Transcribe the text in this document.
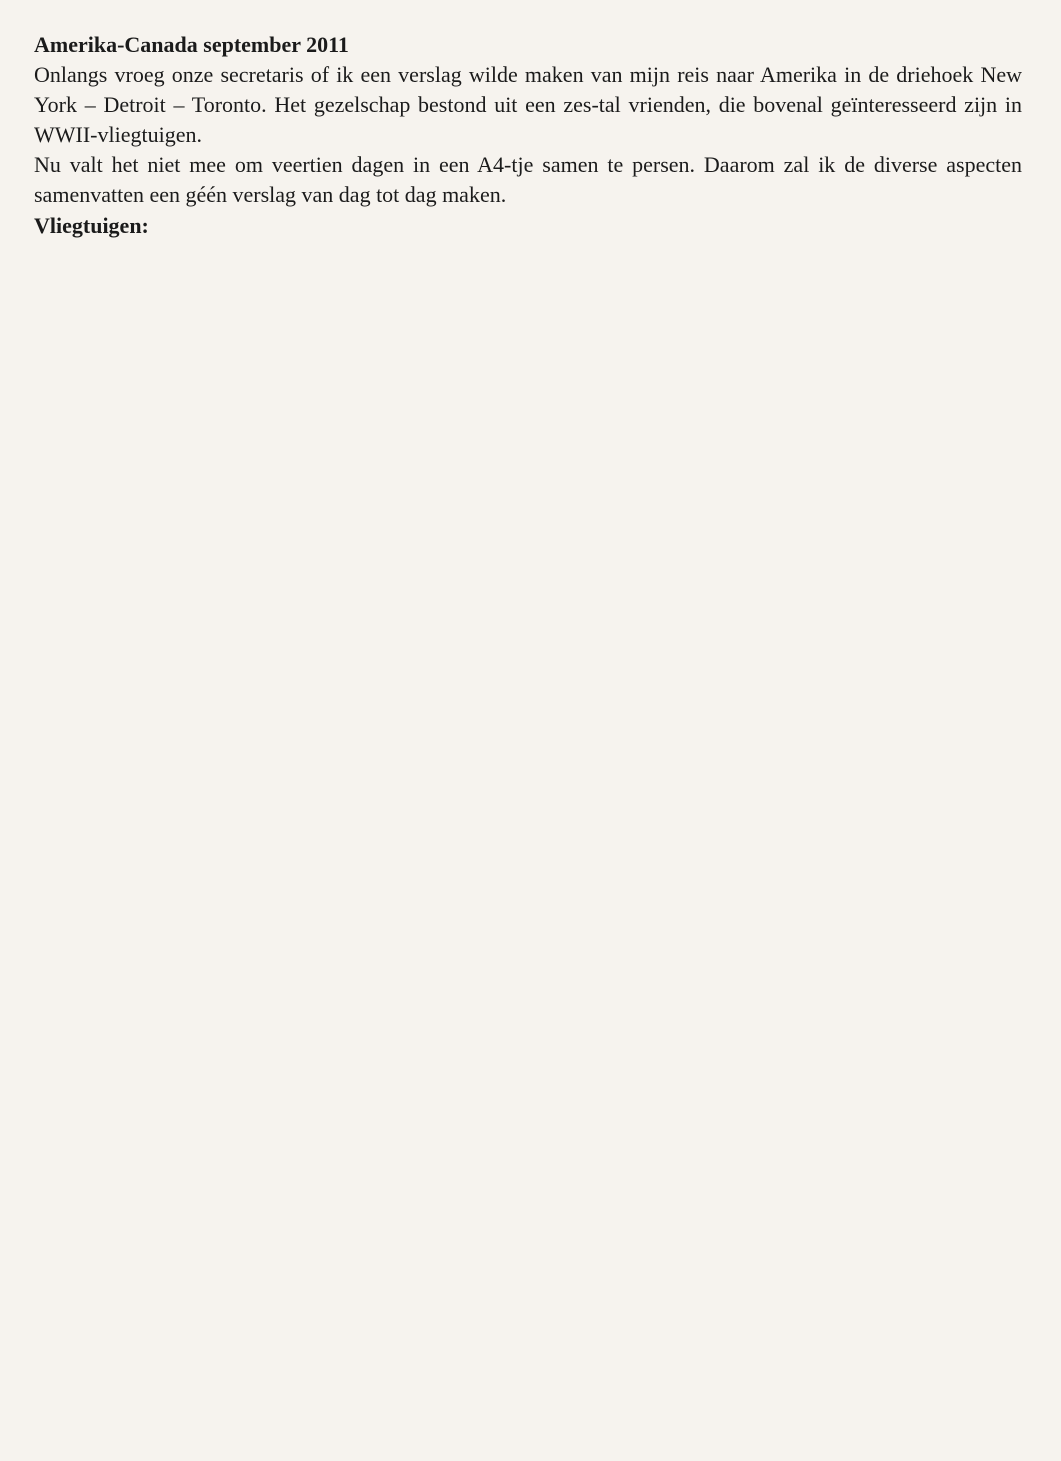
Amerika-Canada september 2011

Onlangs vroeg onze secretaris of ik een verslag wilde maken van mijn reis naar Amerika in de driehoek New York – Detroit – Toronto. Het gezelschap bestond uit een zes-tal vrienden, die bovenal geïnteresseerd zijn in WWII-vliegtuigen.

Nu valt het niet mee om veertien dagen in een A4-tje samen te persen. Daarom zal ik de diverse aspecten samenvatten een géén verslag van dag tot dag maken.

Vliegtuigen:
